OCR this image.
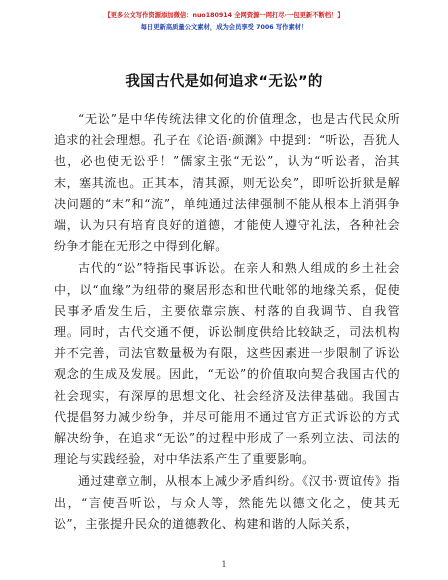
【更多公文写作资源添加微信：nuo180914 全网资源一网打尽·一包更新不断档！】
每日更新高质量公文素材，成为会员享受 7006 写作素材！
我国古代是如何追求“无讼”的

“无讼”是中华传统法律文化的价值理念，也是古代民众所追求的社会理想。孔子在《论语·颜渊》中提到：“听讼，吾犹人也，必也使无讼乎！”儒家主张“无讼”，认为“听讼者，治其末，塞其流也。正其本，清其源，则无讼矣”，即听讼折狱是解决问题的“末”和“流”，单纯通过法律强制不能从根本上消弭争端，认为只有培育良好的道德，才能使人遵守礼法，各种社会纷争才能在无形之中得到化解。

古代的“讼”特指民事诉讼。在亲人和熟人组成的乡土社会中，以“血缘”为纽带的聚居形态和世代毗邻的地缘关系，促使民事矛盾发生后，主要依靠宗族、村落的自我调节、自我管理。同时，古代交通不便，诉讼制度供给比较缺乏，司法机构并不完善，司法官数量极为有限，这些因素进一步限制了诉讼观念的生成及发展。因此，“无讼”的价值取向契合我国古代的社会现实，有深厚的思想文化、社会经济及法律基础。我国古代提倡努力减少纷争，并尽可能用不通过官方正式诉讼的方式解决纷争，在追求“无讼”的过程中形成了一系列立法、司法的理论与实践经验，对中华法系产生了重要影响。

通过建章立制，从根本上减少矛盾纠纷。《汉书·贾谊传》指出，“言使吾听讼，与众人等，然能先以德文化之，使其无讼”，主张提升民众的道德教化、构建和谐的人际关系，

1
